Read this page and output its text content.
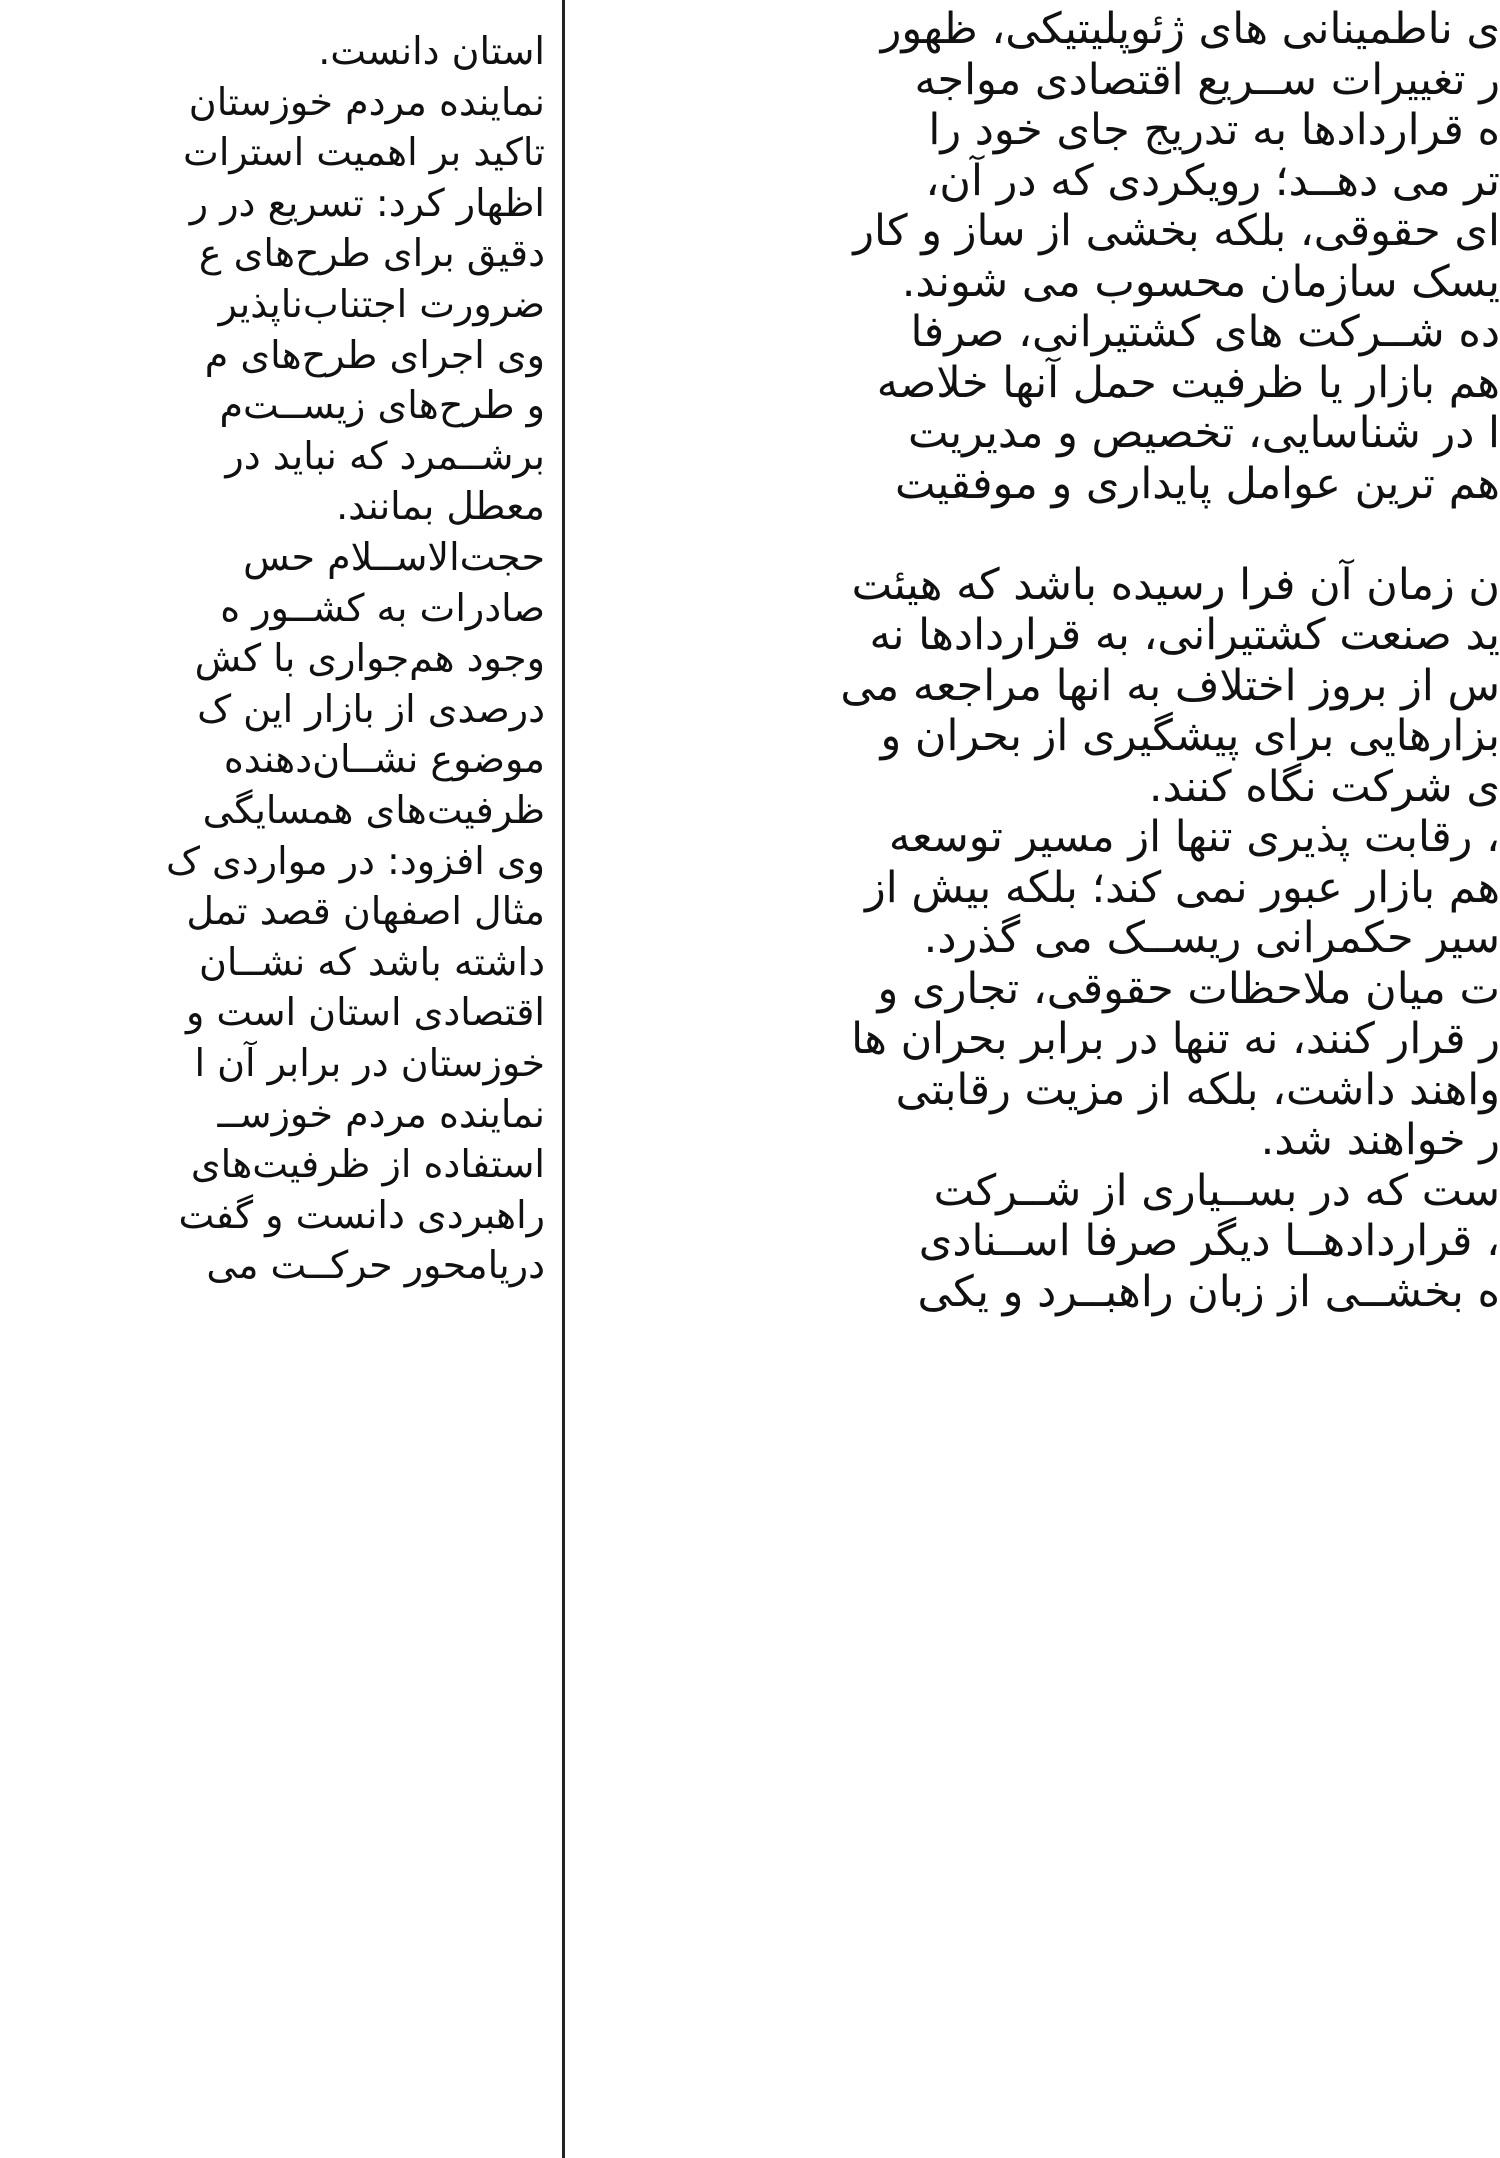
ی ناطمینانی های ژئوپلیتیکی، ظهور
ر تغییرات ســریع اقتصادی مواجه
ه قراردادها به تدریج جای خود را
تر می دهــد؛ رویکردی که در آن،
ای حقوقی، بلکه بخشی از ساز و کار
یسک سازمان محسوب می شوند.
ده شــرکت های کشتیرانی، صرفا
هم بازار یا ظرفیت حمل آنها خلاصه
ا در شناسایی، تخصیص و مدیریت
هم ترین عوامل پایداری و موفقیت
ن زمان آن فرا رسیده باشد که هیئت
ید صنعت کشتیرانی، به قراردادها نه
س از بروز اختلاف به انها مراجعه می
بزارهایی برای پیشگیری از بحران و
ی شرکت نگاه کنند.
، رقابت پذیری تنها از مسیر توسعه
هم بازار عبور نمی کند؛ بلکه بیش از
سیر حکمرانی ریســک می گذرد.
ت میان ملاحظات حقوقی، تجاری و
ر قرار کنند، نه تنها در برابر بحران ها
واهند داشت، بلکه از مزیت رقابتی
ر خواهند شد.
ست که در بســیاری از شــرکت
، قراردادهــا دیگر صرفا اســنادی
ه بخشــی از زبان راهبــرد و یکی
استان دانست.
نماینده مردم خوزستان
تاکید بر اهمیت استرات
اظهار کرد: تسریع در ر
دقیق برای طرح‌های ع
ضرورت اجتناب‌ناپذیر
وی اجرای طرح‌های م
و طرح‌های زیســت‌م
برشــمرد که نباید در
معطل بمانند.
حجت‌الاســلام حس
صادرات به کشــور ه
وجود هم‌جواری با کش
درصدی از بازار این ک
موضوع نشــان‌دهنده
ظرفیت‌های همسایگی
وی افزود: در مواردی ک
مثال اصفهان قصد تمل
داشته باشد که نشــان
اقتصادی استان است و
خوزستان در برابر آن ا
نماینده مردم خوزســ
استفاده از ظرفیت‌های
راهبردی دانست و گفت
دریامحور حرکــت می
